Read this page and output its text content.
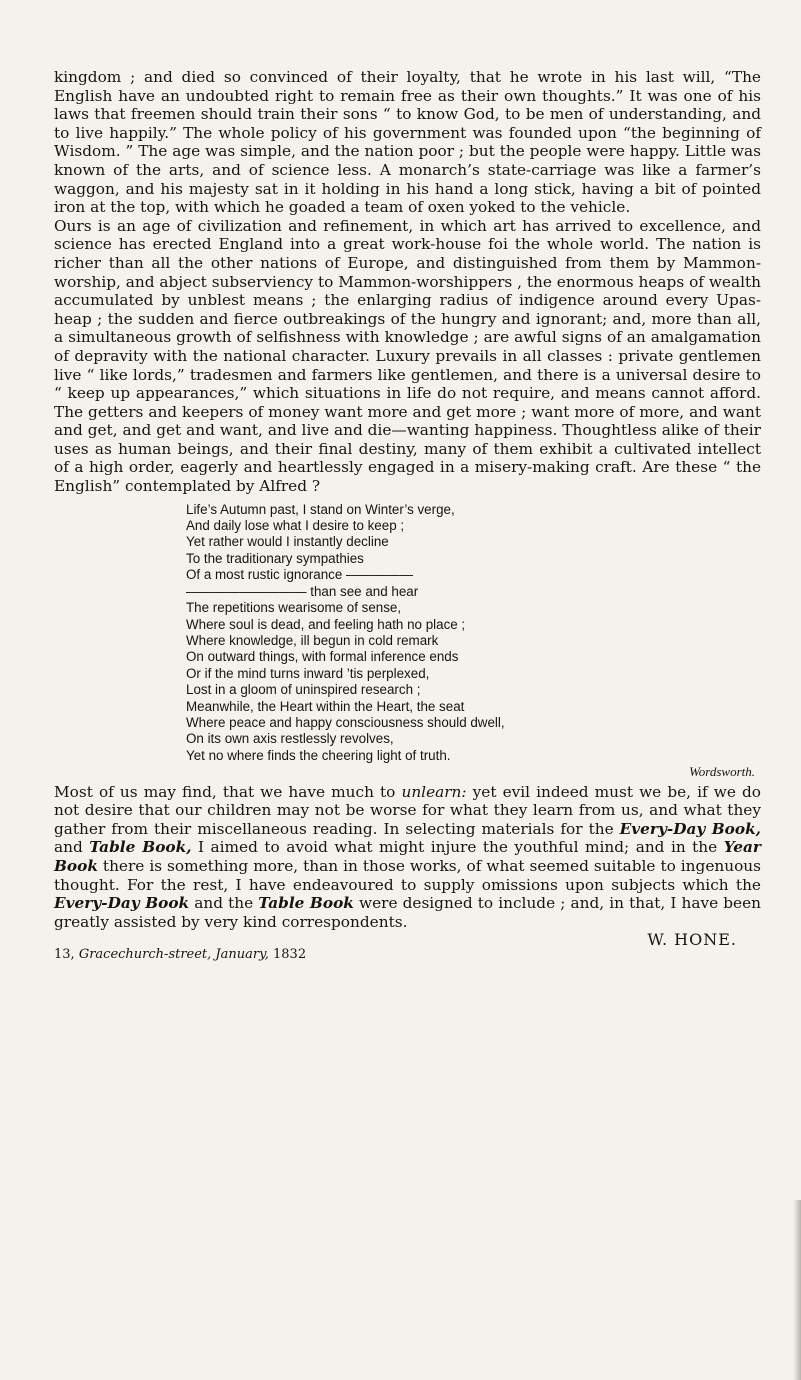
kingdom ; and died so convinced of their loyalty, that he wrote in his last will, “The English have an undoubted right to remain free as their own thoughts.” It was one of his laws that freemen should train their sons “ to know God, to be men of understanding, and to live happily.” The whole policy of his government was founded upon “the beginning of Wisdom. ” The age was simple, and the nation poor ; but the people were happy. Little was known of the arts, and of science less. A monarch’s state-carriage was like a farmer’s waggon, and his majesty sat in it holding in his hand a long stick, having a bit of pointed iron at the top, with which he goaded a team of oxen yoked to the vehicle.

Ours is an age of civilization and refinement, in which art has arrived to excellence, and science has erected England into a great work-house foi the whole world. The nation is richer than all the other nations of Europe, and distinguished from them by Mammon-worship, and abject subserviency to Mammon-worshippers , the enormous heaps of wealth accumulated by unblest means ; the enlarging radius of indigence around every Upas-heap ; the sudden and fierce outbreakings of the hungry and ignorant; and, more than all, a simultaneous growth of selfishness with knowledge ; are awful signs of an amalgamation of depravity with the national character. Luxury prevails in all classes : private gentlemen live “ like lords,” tradesmen and farmers like gentlemen, and there is a universal desire to “ keep up appearances,” which situations in life do not require, and means cannot afford. The getters and keepers of money want more and get more ; want more of more, and want and get, and get and want, and live and die—wanting happiness. Thoughtless alike of their uses as human beings, and their final destiny, many of them exhibit a cultivated intellect of a high order, eagerly and heartlessly engaged in a misery-making craft. Are these “ the English” contemplated by Alfred ?

Life’s Autumn past, I stand on Winter’s verge,
And daily lose what I desire to keep ;
Yet rather would I instantly decline
To the traditionary sympathies
Of a most rustic ignorance —————
————————— than see and hear
The repetitions wearisome of sense,
Where soul is dead, and feeling hath no place ;
Where knowledge, ill begun in cold remark
On outward things, with formal inference ends
Or if the mind turns inward ’tis perplexed,
Lost in a gloom of uninspired research ;
Meanwhile, the Heart within the Heart, the seat
Where peace and happy consciousness should dwell,
On its own axis restlessly revolves,
Yet no where finds the cheering light of truth.
Wordsworth.

Most of us may find, that we have much to unlearn: yet evil indeed must we be, if we do not desire that our children may not be worse for what they learn from us, and what they gather from their miscellaneous reading. In selecting materials for the Every-Day Book, and Table Book, I aimed to avoid what might injure the youthful mind; and in the Year Book there is something more, than in those works, of what seemed suitable to ingenuous thought. For the rest, I have endeavoured to supply omissions upon subjects which the Every-Day Book and the Table Book were designed to include ; and, in that, I have been greatly assisted by very kind correspondents.

W. HONE.
13, Gracechurch-street, January, 1832
